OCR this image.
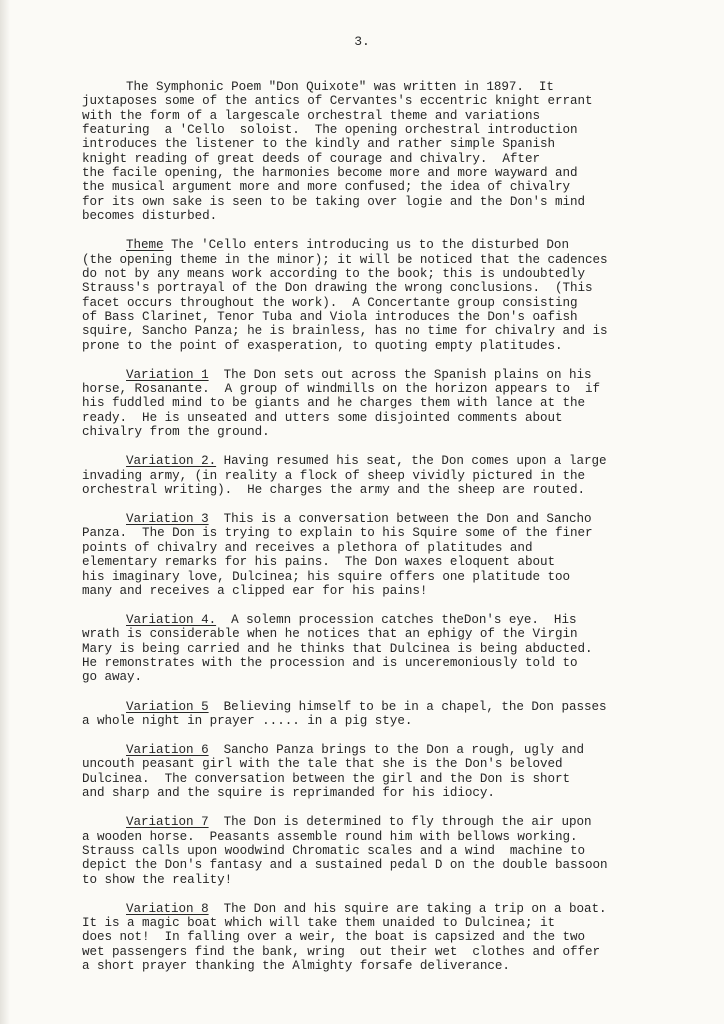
3.
The Symphonic Poem "Don Quixote" was written in 1897.  It
juxtaposes some of the antics of Cervantes's eccentric knight errant
with the form of a largescale orchestral theme and variations
featuring  a 'Cello  soloist.  The opening orchestral introduction
introduces the listener to the kindly and rather simple Spanish
knight reading of great deeds of courage and chivalry.  After
the facile opening, the harmonies become more and more wayward and
the musical argument more and more confused; the idea of chivalry
for its own sake is seen to be taking over logie and the Don's mind
becomes disturbed.
Theme The 'Cello enters introducing us to the disturbed Don
(the opening theme in the minor); it will be noticed that the cadences
do not by any means work according to the book; this is undoubtedly
Strauss's portrayal of the Don drawing the wrong conclusions.  (This
facet occurs throughout the work).  A Concertante group consisting
of Bass Clarinet, Tenor Tuba and Viola introduces the Don's oafish
squire, Sancho Panza; he is brainless, has no time for chivalry and is
prone to the point of exasperation, to quoting empty platitudes.
Variation 1  The Don sets out across the Spanish plains on his
horse, Rosanante.  A group of windmills on the horizon appears to  if
his fuddled mind to be giants and he charges them with lance at the
ready.  He is unseated and utters some disjointed comments about
chivalry from the ground.
Variation 2. Having resumed his seat, the Don comes upon a large
invading army, (in reality a flock of sheep vividly pictured in the
orchestral writing).  He charges the army and the sheep are routed.
Variation 3  This is a conversation between the Don and Sancho
Panza.  The Don is trying to explain to his Squire some of the finer
points of chivalry and receives a plethora of platitudes and
elementary remarks for his pains.  The Don waxes eloquent about
his imaginary love, Dulcinea; his squire offers one platitude too
many and receives a clipped ear for his pains!
Variation 4.  A solemn procession catches theDon's eye.  His
wrath is considerable when he notices that an ephigy of the Virgin
Mary is being carried and he thinks that Dulcinea is being abducted.
He remonstrates with the procession and is unceremoniously told to
go away.
Variation 5  Believing himself to be in a chapel, the Don passes
a whole night in prayer ..... in a pig stye.
Variation 6  Sancho Panza brings to the Don a rough, ugly and
uncouth peasant girl with the tale that she is the Don's beloved
Dulcinea.  The conversation between the girl and the Don is short
and sharp and the squire is reprimanded for his idiocy.
Variation 7  The Don is determined to fly through the air upon
a wooden horse.  Peasants assemble round him with bellows working.
Strauss calls upon woodwind Chromatic scales and a wind  machine to
depict the Don's fantasy and a sustained pedal D on the double bassoon
to show the reality!
Variation 8  The Don and his squire are taking a trip on a boat.
It is a magic boat which will take them unaided to Dulcinea; it
does not!  In falling over a weir, the boat is capsized and the two
wet passengers find the bank, wring  out their wet  clothes and offer
a short prayer thanking the Almighty forsafe deliverance.
